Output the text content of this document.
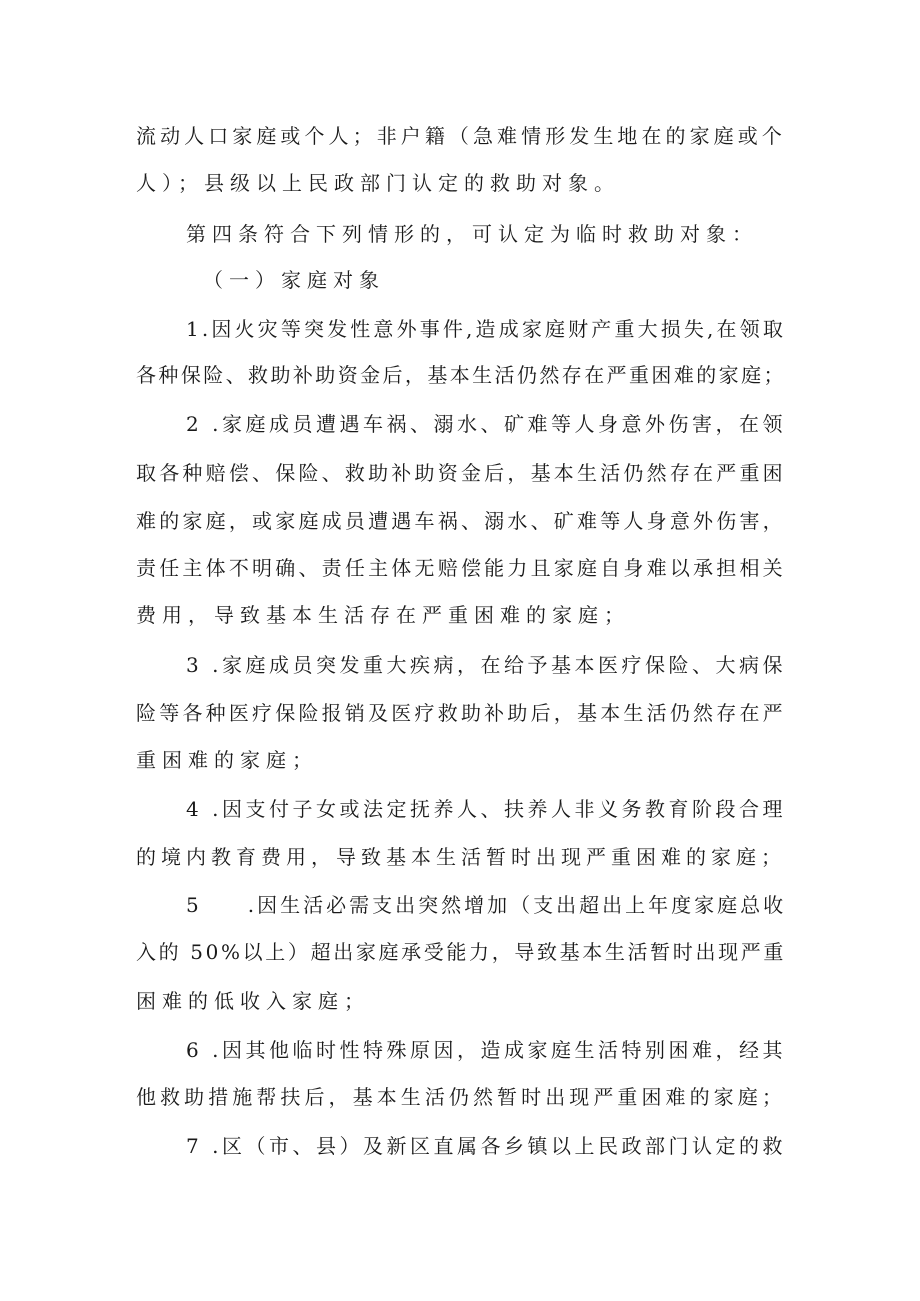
流动人口家庭或个人；非户籍（急难情形发生地在的家庭或个
人）；县级以上民政部门认定的救助对象。
第四条符合下列情形的，可认定为临时救助对象：
（一）家庭对象
1.因火灾等突发性意外事件,造成家庭财产重大损失,在领取
各种保险、救助补助资金后，基本生活仍然存在严重困难的家庭；
2 .家庭成员遭遇车祸、溺水、矿难等人身意外伤害，在领
取各种赔偿、保险、救助补助资金后，基本生活仍然存在严重困
难的家庭，或家庭成员遭遇车祸、溺水、矿难等人身意外伤害，
责任主体不明确、责任主体无赔偿能力且家庭自身难以承担相关
费用，导致基本生活存在严重困难的家庭；
3 .家庭成员突发重大疾病，在给予基本医疗保险、大病保
险等各种医疗保险报销及医疗救助补助后，基本生活仍然存在严
重困难的家庭；
4 .因支付子女或法定抚养人、扶养人非义务教育阶段合理
的境内教育费用，导致基本生活暂时出现严重困难的家庭；
5　　.因生活必需支出突然增加（支出超出上年度家庭总收
入的 50%以上）超出家庭承受能力，导致基本生活暂时出现严重
困难的低收入家庭；
6 .因其他临时性特殊原因，造成家庭生活特别困难，经其
他救助措施帮扶后，基本生活仍然暂时出现严重困难的家庭；
7 .区（市、县）及新区直属各乡镇以上民政部门认定的救
